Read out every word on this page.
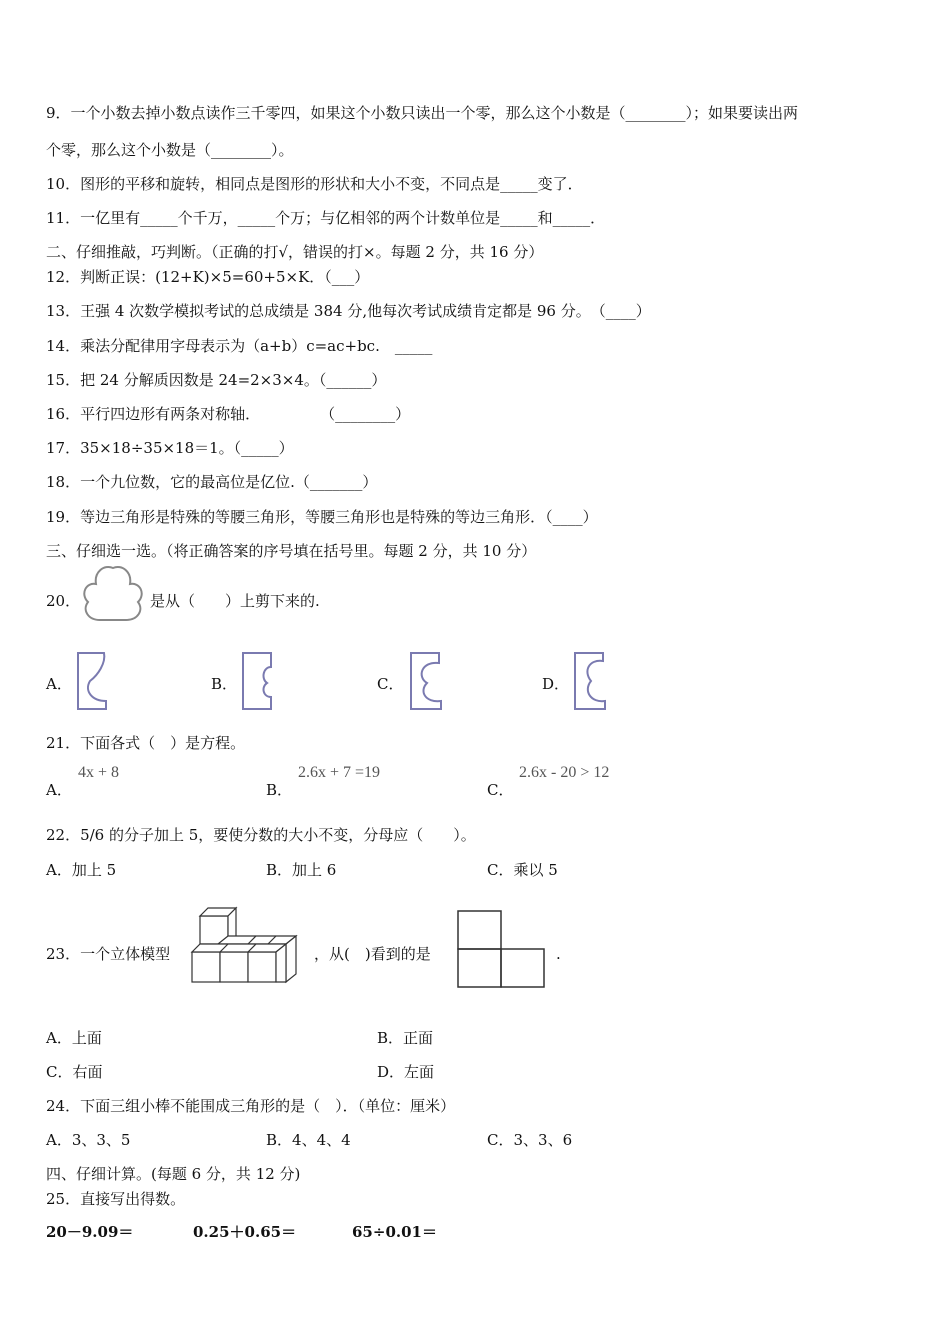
9．一个小数去掉小数点读作三千零四，如果这个小数只读出一个零，那么这个小数是（________）；如果要读出两
个零，那么这个小数是（________）。
10．图形的平移和旋转，相同点是图形的形状和大小不变，不同点是_____变了．
11．一亿里有_____个千万，_____个万；与亿相邻的两个计数单位是_____和_____．
二、仔细推敲，巧判断。（正确的打√，错误的打×。每题 2 分，共 16 分）
12．判断正误：(12+K)×5=60+5×K．（___）
13．王强 4 次数学模拟考试的总成绩是 384 分,他每次考试成绩肯定都是 96 分。　（____）
14．乘法分配律用字母表示为（a+b）c=ac+bc.　_____
15．把 24 分解质因数是 24=2×3×4。（______）
16．平行四边形有两条对称轴．　　　　　（________）
17．35×18÷35×18＝1。（_____）
18．一个九位数，它的最高位是亿位.（_______）
19．等边三角形是特殊的等腰三角形，等腰三角形也是特殊的等边三角形．（____）
三、仔细选一选。（将正确答案的序号填在括号里。每题 2 分，共 10 分）
20．	是从（　　）上剪下来的.
A．	B．	C．	D．
21．下面各式（　）是方程。
A．
4x + 8
B．
2.6x + 7 =19
C．
2.6x - 20 > 12
22．5/6 的分子加上 5，要使分数的大小不变，分母应（　　）。
A．加上 5	B．加上 6	C．乘以 5
23．一个立体模型	，从(　)看到的是	.
A．上面	B．正面
C．右面	D．左面
24．下面三组小棒不能围成三角形的是（　）．（单位：厘米）
A．3、3、5	B．4、4、4	C．3、3、6
四、仔细计算。(每题 6 分，共 12 分)
25．直接写出得数。
20－9.09＝	0.25＋0.65＝	65÷0.01＝
